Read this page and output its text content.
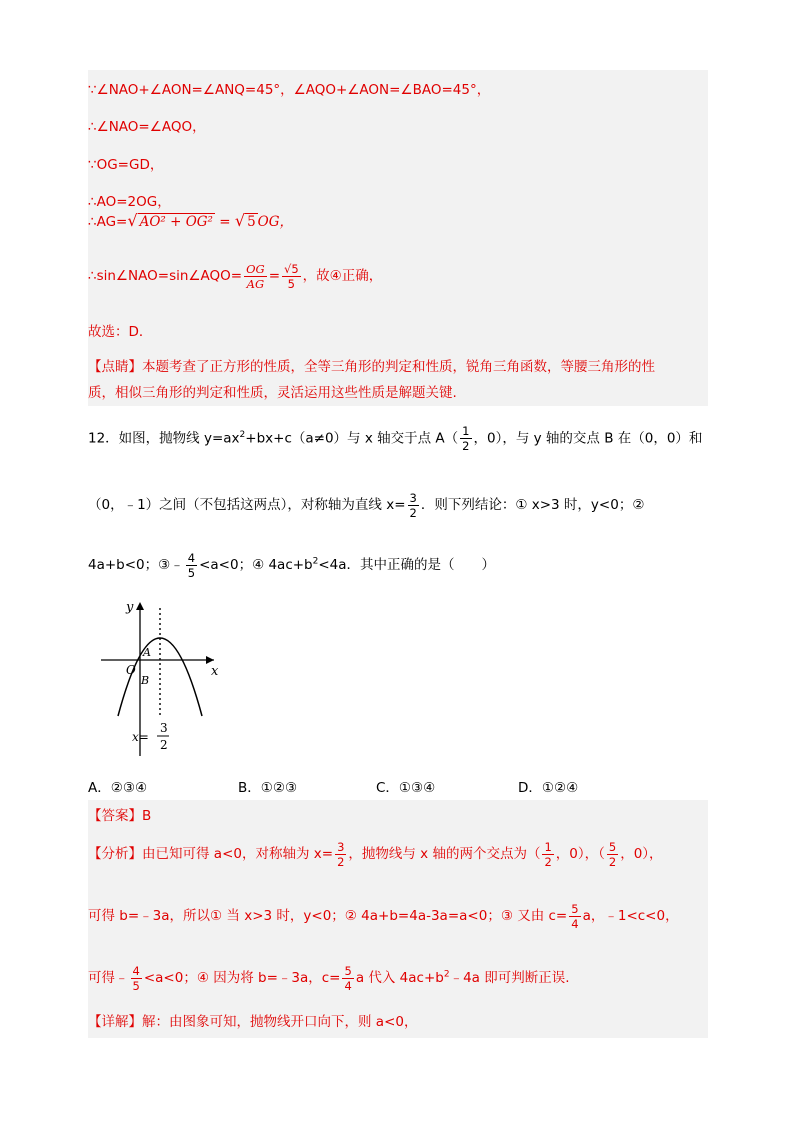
∵∠NAO+∠AON=∠ANQ=45°，∠AQO+∠AON=∠BAO=45°，
∴∠NAO=∠AQO，
∵OG=GD，
∴AO=2OG，
∴AG=√ AO² + OG² = √ 5 OG，
∴sin∠NAO=sin∠AQO= $\frac{OG}{AG} = \frac{√5}{5}$ ，故④正确，
故选：D．
【点睛】本题考查了正方形的性质，全等三角形的判定和性质，锐角三角函数，等腰三角形的性
质，相似三角形的判定和性质，灵活运用这些性质是解题关键.
12．如图，抛物线 $y=ax^2+bx+c(a\ne 0)$与 x 轴交于点 $A( \frac{1}{2}$ ，0），与 y 轴的交点 B 在（0，0）和
（0，﹣1）之间（不包括这两点），对称轴为直线 $x= \frac{3}{2}$ ．则下列结论：① x>3 时，y<0；②
4a+b<0；③﹣ $\frac{4}{5} <a<0$；④ $4ac+b^2<4a$．其中正确的是（　　）
y
x
O
A
B
x=
3
2
A．②③④	B．①②③	C．①③④	D．①②④
【答案】B
【分析】由已知可得 a<0，对称轴为 $x= \frac{3}{2}$ ，抛物线与 x 轴的两个交点为（ $\frac{1}{2}$ ，0），（ $\frac{5}{2}$ ，0），
可得 b=﹣3a，所以① 当 x>3 时，y<0；② 4a+b=4a-3a=a<0；③ 又由 $c= \frac{5}{4}$ a，﹣1<c<0，
可得﹣ $\frac{4}{5} <a<0$；④ 因为将 b=﹣3a，$c= \frac{5}{4}$ a 代入 $4ac+b^2﹣4a$ 即可判断正误.
【详解】解：由图象可知，抛物线开口向下，则 a<0，
